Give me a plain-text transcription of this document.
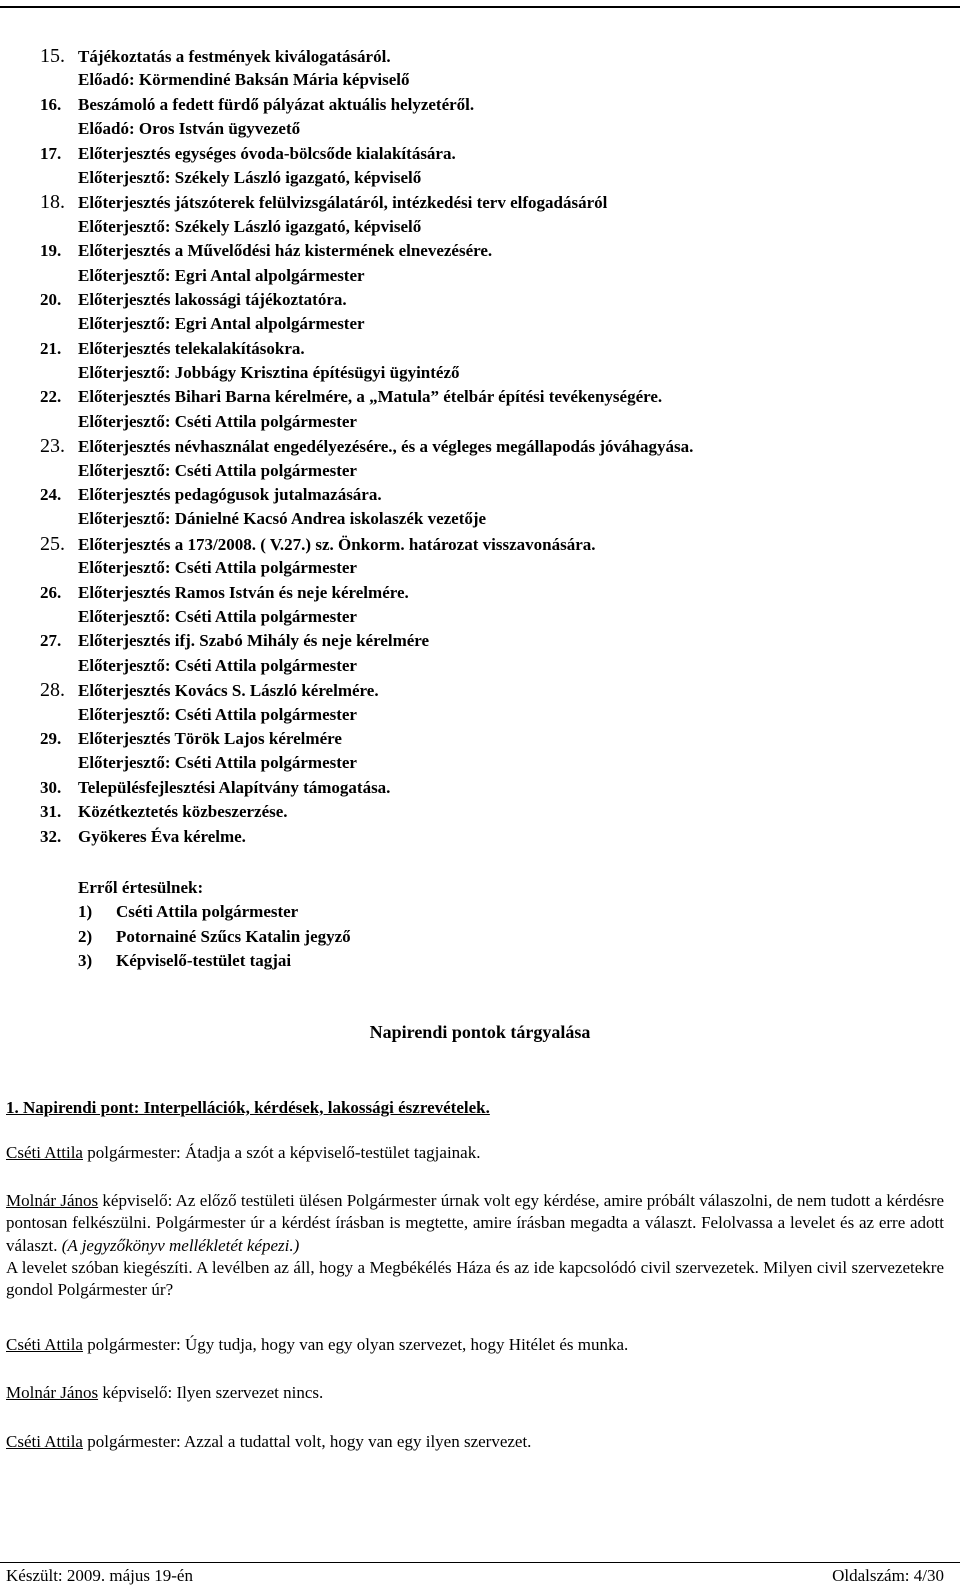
15. Tájékoztatás a festmények kiválogatásáról.
Előadó: Körmendiné Baksán Mária képviselő
16. Beszámoló a fedett fürdő pályázat aktuális helyzetéről.
Előadó: Oros István ügyvezető
17. Előterjesztés egységes óvoda-bölcsőde kialakítására.
Előterjesztő: Székely László igazgató, képviselő
18. Előterjesztés játszóterek felülvizsgálatáról, intézkedési terv elfogadásáról
Előterjesztő: Székely László igazgató, képviselő
19. Előterjesztés a Művelődési ház kistermének elnevezésére.
Előterjesztő: Egri Antal alpolgármester
20. Előterjesztés lakossági tájékoztatóra.
Előterjesztő: Egri Antal alpolgármester
21. Előterjesztés telekalakításokra.
Előterjesztő: Jobbágy Krisztina építésügyi ügyintéző
22. Előterjesztés Bihari Barna kérelmére, a „Matula” ételbár építési tevékenységére.
Előterjesztő: Cséti Attila polgármester
23. Előterjesztés névhasználat engedélyezésére., és a végleges megállapodás jóváhagyása.
Előterjesztő: Cséti Attila polgármester
24. Előterjesztés pedagógusok jutalmazására.
Előterjesztő: Dánielné Kacsó Andrea iskolaszék vezetője
25. Előterjesztés a 173/2008. ( V.27.) sz. Önkorm. határozat visszavonására.
Előterjesztő: Cséti Attila polgármester
26. Előterjesztés Ramos István és neje kérelmére.
Előterjesztő: Cséti Attila polgármester
27. Előterjesztés ifj. Szabó Mihály és neje kérelmére
Előterjesztő: Cséti Attila polgármester
28. Előterjesztés Kovács S. László kérelmére.
Előterjesztő: Cséti Attila polgármester
29. Előterjesztés Török Lajos kérelmére
Előterjesztő: Cséti Attila polgármester
30. Településfejlesztési Alapítvány támogatása.
31. Közétkeztetés közbeszerzése.
32. Gyökeres Éva kérelme.
Erről értesülnek:
1) Cséti Attila polgármester
2) Potornainé Szűcs Katalin jegyző
3) Képviselő-testület tagjai
Napirendi pontok tárgyalása
1. Napirendi pont: Interpellációk, kérdések, lakossági észrevételek.

Cséti Attila polgármester: Átadja a szót a képviselő-testület tagjainak.

Molnár János képviselő: Az előző testületi ülésen Polgármester úrnak volt egy kérdése, amire próbált válaszolni, de nem tudott a kérdésre pontosan felkészülni. Polgármester úr a kérdést írásban is megtette, amire írásban megadta a választ. Felolvassa a levelet és az erre adott választ. (A jegyzőkönyv mellékletét képezi.)

A levelet szóban kiegészíti. A levélben az áll, hogy a Megbékélés Háza és az ide kapcsolódó civil szervezetek. Milyen civil szervezetekre gondol Polgármester úr?

Cséti Attila polgármester: Úgy tudja, hogy van egy olyan szervezet, hogy Hitélet és munka.

Molnár János képviselő: Ilyen szervezet nincs.

Cséti Attila polgármester: Azzal a tudattal volt, hogy van egy ilyen szervezet.

Készült: 2009. május 19-én	Oldalszám: 4/30
